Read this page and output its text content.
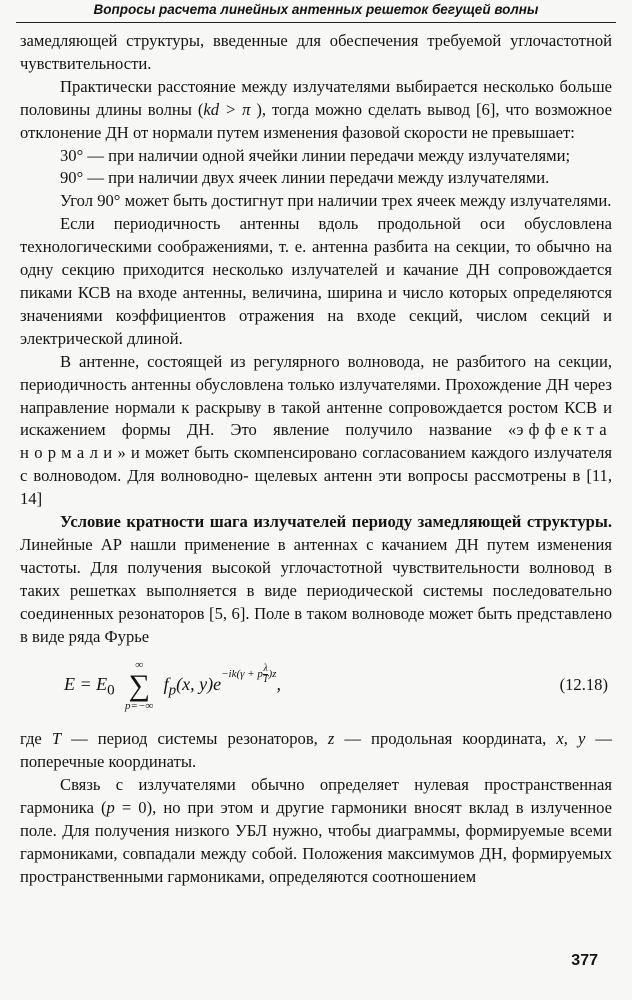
Вопросы расчета линейных антенных решеток бегущей волны

замедляющей структуры, введенные для обеспечения требуемой углочастотной чувствительности.

Практически расстояние между излучателями выбирается несколько больше половины длины волны (kd > π ), тогда можно сделать вывод [6], что возможное отклонение ДН от нормали путем изменения фазовой скорости не превышает:

30° — при наличии одной ячейки линии передачи между излучателями;

90° — при наличии двух ячеек линии передачи между излучателями.

Угол 90° может быть достигнут при наличии трех ячеек между излучателями.

Если периодичность антенны вдоль продольной оси обусловлена технологическими соображениями, т. е. антенна разбита на секции, то обычно на одну секцию приходится несколько излучателей и качание ДН сопровождается пиками КСВ на входе антенны, величина, ширина и число которых определяются значениями коэффициентов отражения на входе секций, числом секций и электрической длиной.

В антенне, состоящей из регулярного волновода, не разбитого на секции, периодичность антенны обусловлена только излучателями. Прохождение ДН через направление нормали к раскрыву в такой антенне сопровождается ростом КСВ и искажением формы ДН. Это явление получило название «эффекта нормали» и может быть скомпенсировано согласованием каждого излучателя с волноводом. Для волноводно- щелевых антенн эти вопросы рассмотрены в [11, 14]

Условие кратности шага излучателей периоду замедляющей структуры. Линейные АР нашли применение в антеннах с качанием ДН путем изменения частоты. Для получения высокой углочастотной чувствительности волновод в таких решетках выполняется в виде периодической системы последовательно соединенных резонаторов [5, 6]. Поле в таком волноводе может быть представлено в виде ряда Фурье

$E = E_0$
∞
∑
p=−∞
$f_p(x$, $y)e^{-ik(\gamma + p \frac{\lambda}{T} )z}$,	(12.18)

где T — период системы резонаторов, z — продольная координата, x, y — поперечные координаты.

Связь с излучателями обычно определяет нулевая пространственная гармоника (p = 0), но при этом и другие гармоники вносят вклад в излученное поле. Для получения низкого УБЛ нужно, чтобы диаграммы, формируемые всеми гармониками, совпадали между собой. Положения максимумов ДН, формируемых пространственными гармониками, определяются соотношением

377
